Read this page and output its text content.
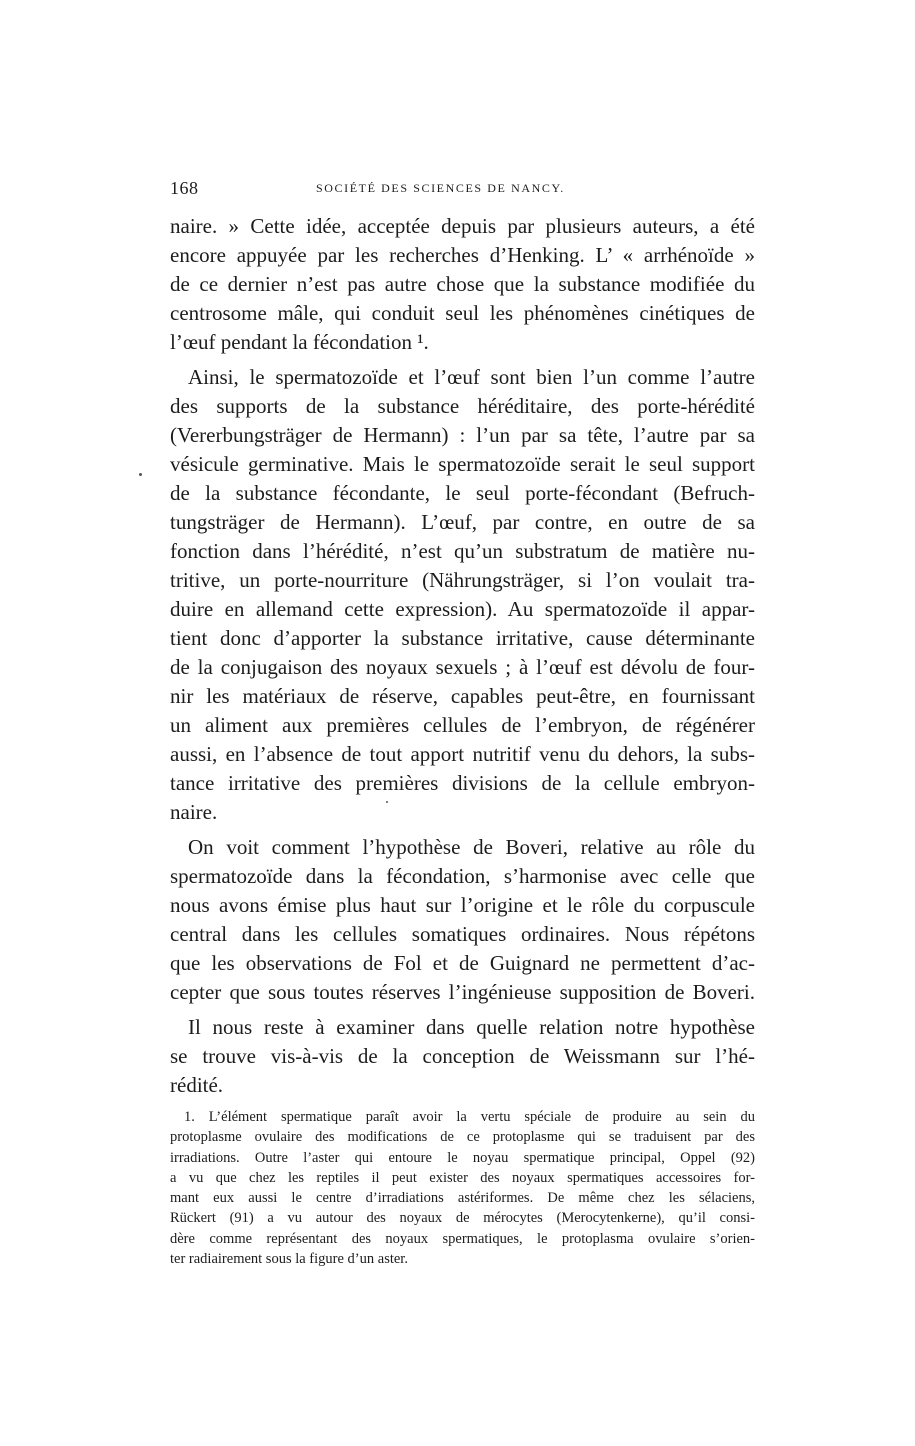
168	SOCIÉTÉ DES SCIENCES DE NANCY.
naire. » Cette idée, acceptée depuis par plusieurs auteurs, a été
encore appuyée par les recherches d’Henking. L’ « arrhénoïde »
de ce dernier n’est pas autre chose que la substance modifiée du
centrosome mâle, qui conduit seul les phénomènes cinétiques de
l’œuf pendant la fécondation ¹.
Ainsi, le spermatozoïde et l’œuf sont bien l’un comme l’autre
des supports de la substance héréditaire, des porte-hérédité
(Vererbungsträger de Hermann) : l’un par sa tête, l’autre par sa
vésicule germinative. Mais le spermatozoïde serait le seul support
de la substance fécondante, le seul porte-fécondant (Befruch-
tungsträger de Hermann). L’œuf, par contre, en outre de sa
fonction dans l’hérédité, n’est qu’un substratum de matière nu-
tritive, un porte-nourriture (Nährungsträger, si l’on voulait tra-
duire en allemand cette expression). Au spermatozoïde il appar-
tient donc d’apporter la substance irritative, cause déterminante
de la conjugaison des noyaux sexuels ; à l’œuf est dévolu de four-
nir les matériaux de réserve, capables peut-être, en fournissant
un aliment aux premières cellules de l’embryon, de régénérer
aussi, en l’absence de tout apport nutritif venu du dehors, la subs-
tance irritative des premières divisions de la cellule embryon-
naire.
On voit comment l’hypothèse de Boveri, relative au rôle du
spermatozoïde dans la fécondation, s’harmonise avec celle que
nous avons émise plus haut sur l’origine et le rôle du corpuscule
central dans les cellules somatiques ordinaires. Nous répétons
que les observations de Fol et de Guignard ne permettent d’ac-
cepter que sous toutes réserves l’ingénieuse supposition de Boveri.
Il nous reste à examiner dans quelle relation notre hypothèse
se trouve vis-à-vis de la conception de Weissmann sur l’hé-
rédité.
1. L’élément spermatique paraît avoir la vertu spéciale de produire au sein du
protoplasme ovulaire des modifications de ce protoplasme qui se traduisent par des
irradiations. Outre l’aster qui entoure le noyau spermatique principal, Oppel (92)
a vu que chez les reptiles il peut exister des noyaux spermatiques accessoires for-
mant eux aussi le centre d’irradiations astériformes. De même chez les sélaciens,
Rückert (91) a vu autour des noyaux de mérocytes (Merocytenkerne), qu’il consi-
dère comme représentant des noyaux spermatiques, le protoplasma ovulaire s’orien-
ter radiairement sous la figure d’un aster.
